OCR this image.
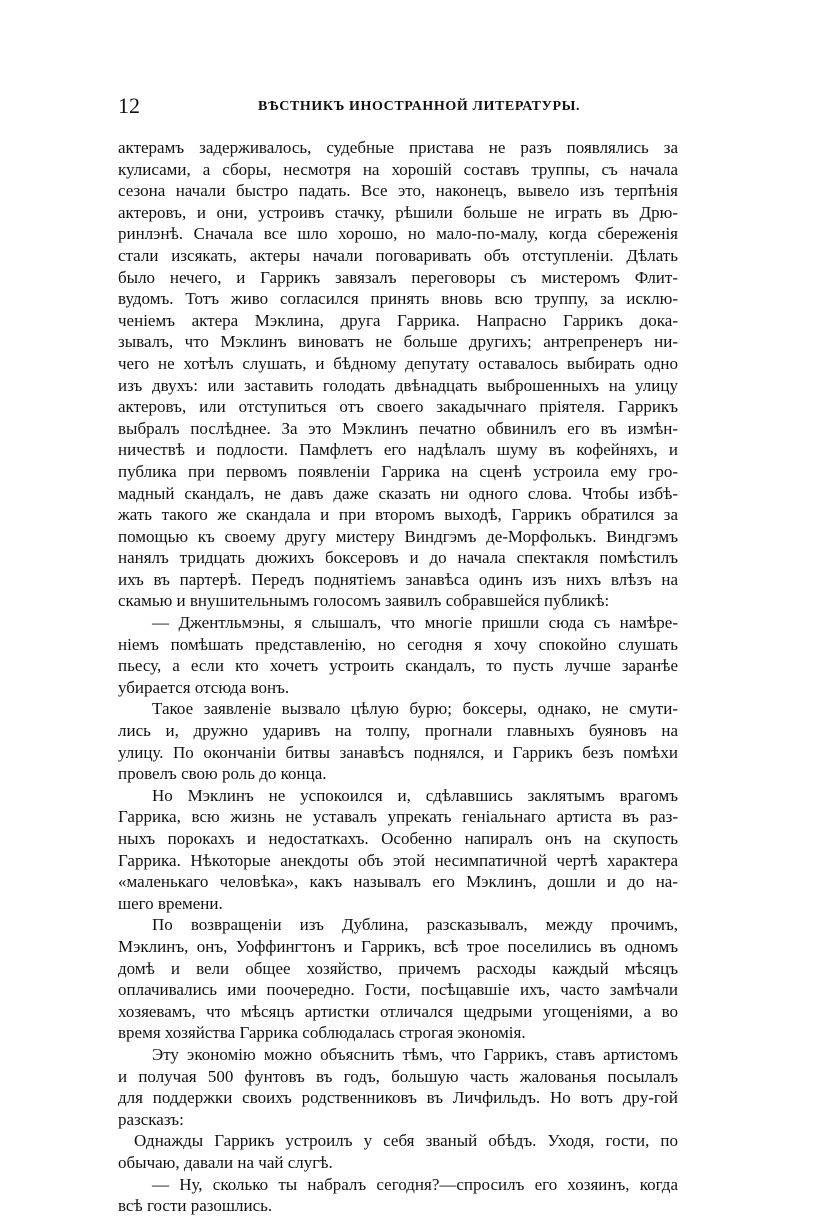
12	ВѢСТНИКЪ ИНОСТРАННОЙ ЛИТЕРАТУРЫ.
актерамъ задерживалось, судебные пристава не разъ появлялись за
кулисами, а сборы, несмотря на хорошій составъ труппы, съ начала
сезона начали быстро падать. Все это, наконецъ, вывело изъ терпѣнія
актеровъ, и они, устроивъ стачку, рѣшили больше не играть въ Дрю-
ринлэнѣ. Сначала все шло хорошо, но мало-по-малу, когда сбереженія
стали изсякать, актеры начали поговаривать объ отступленіи. Дѣлать
было нечего, и Гаррикъ завязалъ переговоры съ мистеромъ Флит-
вудомъ. Тотъ живо согласился принять вновь всю труппу, за исклю-
ченіемъ актера Мэклина, друга Гаррика. Напрасно Гаррикъ дока-
зывалъ, что Мэклинъ виноватъ не больше другихъ; антрепренеръ ни-
чего не хотѣлъ слушать, и бѣдному депутату оставалось выбирать одно
изъ двухъ: или заставить голодать двѣнадцать выброшенныхъ на улицу
актеровъ, или отступиться отъ своего закадычнаго пріятеля. Гаррикъ
выбралъ послѣднее. За это Мэклинъ печатно обвинилъ его въ измѣн-
ничествѣ и подлости. Памфлетъ его надѣлалъ шуму въ кофейняхъ, и
публика при первомъ появленіи Гаррика на сценѣ устроила ему гро-
мадный скандалъ, не давъ даже сказать ни одного слова. Чтобы избѣ-
жать такого же скандала и при второмъ выходѣ, Гаррикъ обратился за
помощью къ своему другу мистеру Виндгэмъ де-Морфолькъ. Виндгэмъ
нанялъ тридцать дюжихъ боксеровъ и до начала спектакля помѣстилъ
ихъ въ партерѣ. Передъ поднятіемъ занавѣса одинъ изъ нихъ влѣзъ на
скамью и внушительнымъ голосомъ заявилъ собравшейся публикѣ:
— Джентльмэны, я слышалъ, что многіе пришли сюда съ намѣре-
ніемъ помѣшать представленію, но сегодня я хочу спокойно слушать
пьесу, а если кто хочетъ устроить скандалъ, то пусть лучше заранѣе
убирается отсюда вонъ.
Такое заявленіе вызвало цѣлую бурю; боксеры, однако, не смути-
лись и, дружно ударивъ на толпу, прогнали главныхъ буяновъ на
улицу. По окончаніи битвы занавѣсъ поднялся, и Гаррикъ безъ помѣхи
провелъ свою роль до конца.
Но Мэклинъ не успокоился и, сдѣлавшись заклятымъ врагомъ
Гаррика, всю жизнь не уставалъ упрекать геніальнаго артиста въ раз-
ныхъ порокахъ и недостаткахъ. Особенно напиралъ онъ на скупость
Гаррика. Нѣкоторые анекдоты объ этой несимпатичной чертѣ характера
«маленькаго человѣка», какъ называлъ его Мэклинъ, дошли и до на-
шего времени.
По возвращеніи изъ Дублина, разсказывалъ, между прочимъ,
Мэклинъ, онъ, Уоффингтонъ и Гаррикъ, всѣ трое поселились въ одномъ
домѣ и вели общее хозяйство, причемъ расходы каждый мѣсяцъ
оплачивались ими поочередно. Гости, посѣщавшіе ихъ, часто замѣчали
хозяевамъ, что мѣсяцъ артистки отличался щедрыми угощеніями, а во
время хозяйства Гаррика соблюдалась строгая экономія.
Эту экономію можно объяснить тѣмъ, что Гаррикъ, ставъ артистомъ
и получая 500 фунтовъ въ годъ, большую часть жалованья посылалъ
для поддержки своихъ родственниковъ въ Личфильдъ. Но вотъ дру-гой
разсказъ:
Однажды Гаррикъ устроилъ у себя званый обѣдъ. Уходя, гости, по
обычаю, давали на чай слугѣ.
— Ну, сколько ты набралъ сегодня?—спросилъ его хозяинъ, когда
всѣ гости разошлись.
